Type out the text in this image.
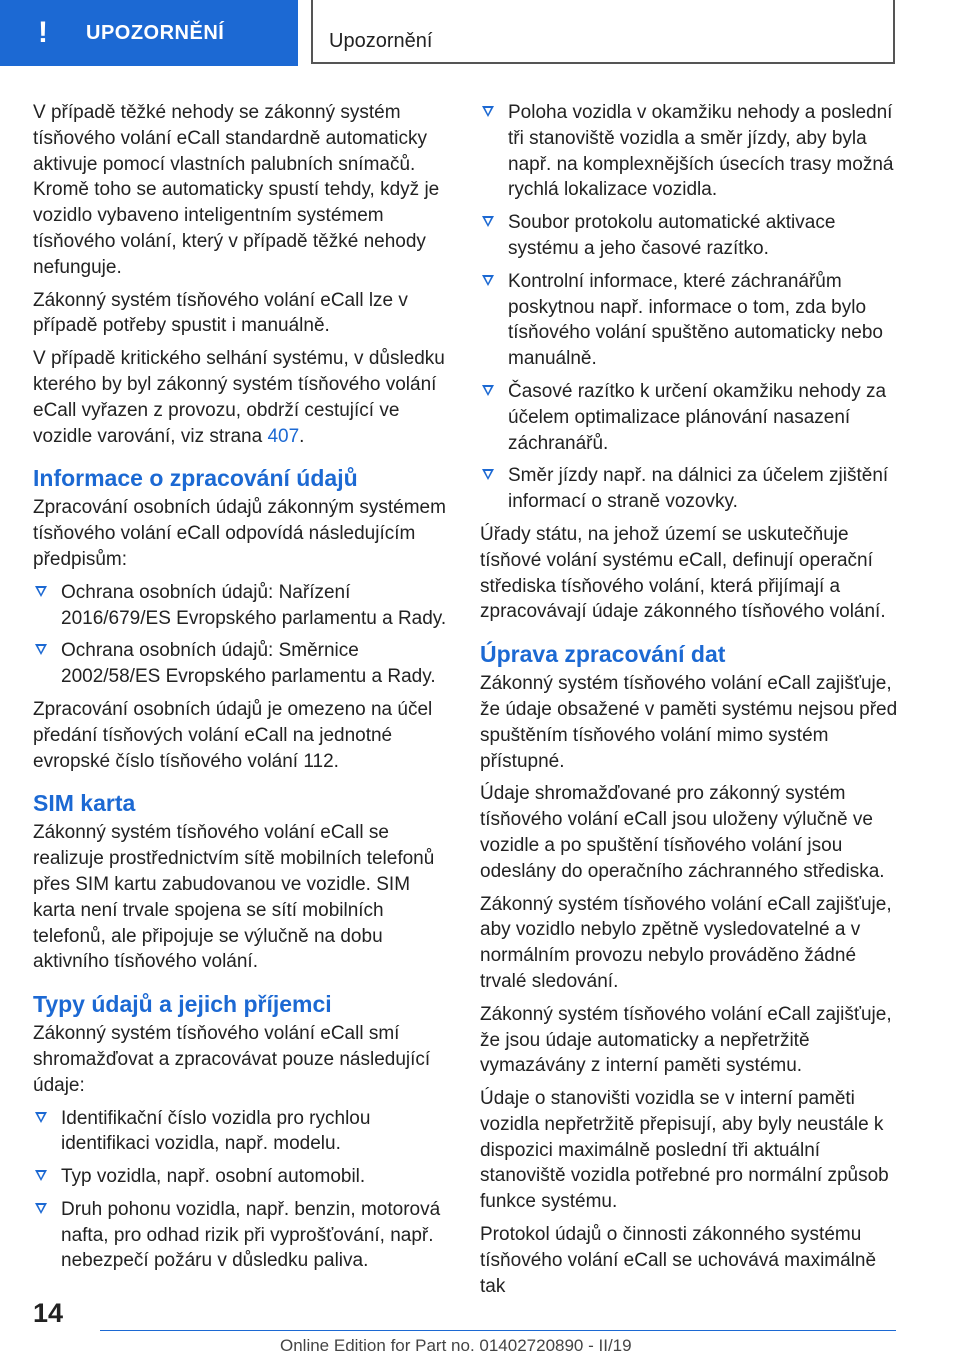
!	UPOZORNĚNÍ	Upozornění

V případě těžké nehody se zákonný systém tísňového volání eCall standardně automaticky aktivuje pomocí vlastních palubních snímačů. Kromě toho se automaticky spustí tehdy, když je vozidlo vybaveno inteligentním systémem tísňového volání, který v případě těžké nehody nefunguje.

Zákonný systém tísňového volání eCall lze v případě potřeby spustit i manuálně.

V případě kritického selhání systému, v důsledku kterého by byl zákonný systém tísňového volání eCall vyřazen z provozu, obdrží cestující ve vozidle varování, viz strana 407.

Informace o zpracování údajů

Zpracování osobních údajů zákonným systémem tísňového volání eCall odpovídá následujícím předpisům:

Ochrana osobních údajů: Nařízení 2016/679/ES Evropského parlamentu a Rady.
Ochrana osobních údajů: Směrnice 2002/58/ES Evropského parlamentu a Rady.

Zpracování osobních údajů je omezeno na účel předání tísňových volání eCall na jednotné evropské číslo tísňového volání 112.

SIM karta

Zákonný systém tísňového volání eCall se realizuje prostřednictvím sítě mobilních telefonů přes SIM kartu zabudovanou ve vozidle. SIM karta není trvale spojena se sítí mobilních telefonů, ale připojuje se výlučně na dobu aktivního tísňového volání.

Typy údajů a jejich příjemci

Zákonný systém tísňového volání eCall smí shromažďovat a zpracovávat pouze následující údaje:

Identifikační číslo vozidla pro rychlou identifikaci vozidla, např. modelu.
Typ vozidla, např. osobní automobil.
Druh pohonu vozidla, např. benzin, motorová nafta, pro odhad rizik při vyprošťování, např. nebezpečí požáru v důsledku paliva.
Poloha vozidla v okamžiku nehody a poslední tři stanoviště vozidla a směr jízdy, aby byla např. na komplexnějších úsecích trasy možná rychlá lokalizace vozidla.
Soubor protokolu automatické aktivace systému a jeho časové razítko.
Kontrolní informace, které záchranářům poskytnou např. informace o tom, zda bylo tísňového volání spuštěno automaticky nebo manuálně.
Časové razítko k určení okamžiku nehody za účelem optimalizace plánování nasazení záchranářů.
Směr jízdy např. na dálnici za účelem zjištění informací o straně vozovky.

Úřady státu, na jehož území se uskutečňuje tísňové volání systému eCall, definují operační střediska tísňového volání, která přijímají a zpracovávají údaje zákonného tísňového volání.

Úprava zpracování dat

Zákonný systém tísňového volání eCall zajišťuje, že údaje obsažené v paměti systému nejsou před spuštěním tísňového volání mimo systém přístupné.

Údaje shromažďované pro zákonný systém tísňového volání eCall jsou uloženy výlučně ve vozidle a po spuštění tísňového volání jsou odeslány do operačního záchranného střediska.

Zákonný systém tísňového volání eCall zajišťuje, aby vozidlo nebylo zpětně vysledovatelné a v normálním provozu nebylo prováděno žádné trvalé sledování.

Zákonný systém tísňového volání eCall zajišťuje, že jsou údaje automaticky a nepřetržitě vymazávány z interní paměti systému.

Údaje o stanovišti vozidla se v interní paměti vozidla nepřetržitě přepisují, aby byly neustále k dispozici maximálně poslední tři aktuální stanoviště vozidla potřebné pro normální způsob funkce systému.

Protokol údajů o činnosti zákonného systému tísňového volání eCall se uchovává maximálně tak

14
Online Edition for Part no. 01402720890 - II/19
